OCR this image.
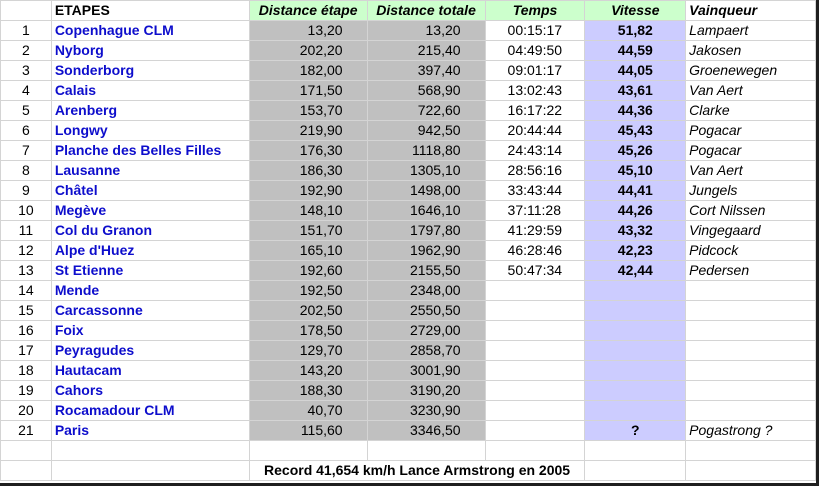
	ETAPES	Distance étape	Distance totale	Temps	Vitesse	Vainqueur
1	Copenhague CLM	13,20	13,20	00:15:17	51,82	Lampaert
2	Nyborg	202,20	215,40	04:49:50	44,59	Jakosen
3	Sonderborg	182,00	397,40	09:01:17	44,05	Groenewegen
4	Calais	171,50	568,90	13:02:43	43,61	Van Aert
5	Arenberg	153,70	722,60	16:17:22	44,36	Clarke
6	Longwy	219,90	942,50	20:44:44	45,43	Pogacar
7	Planche des Belles Filles	176,30	1118,80	24:43:14	45,26	Pogacar
8	Lausanne	186,30	1305,10	28:56:16	45,10	Van Aert
9	Châtel	192,90	1498,00	33:43:44	44,41	Jungels
10	Megève	148,10	1646,10	37:11:28	44,26	Cort Nilssen
11	Col du Granon	151,70	1797,80	41:29:59	43,32	Vingegaard
12	Alpe d'Huez	165,10	1962,90	46:28:46	42,23	Pidcock
13	St Etienne	192,60	2155,50	50:47:34	42,44	Pedersen
14	Mende	192,50	2348,00			
15	Carcassonne	202,50	2550,50			
16	Foix	178,50	2729,00			
17	Peyragudes	129,70	2858,70			
18	Hautacam	143,20	3001,90			
19	Cahors	188,30	3190,20			
20	Rocamadour CLM	40,70	3230,90			
21	Paris	115,60	3346,50		?	Pogastrong ?

		Record 41,654 km/h Lance Armstrong en 2005				
